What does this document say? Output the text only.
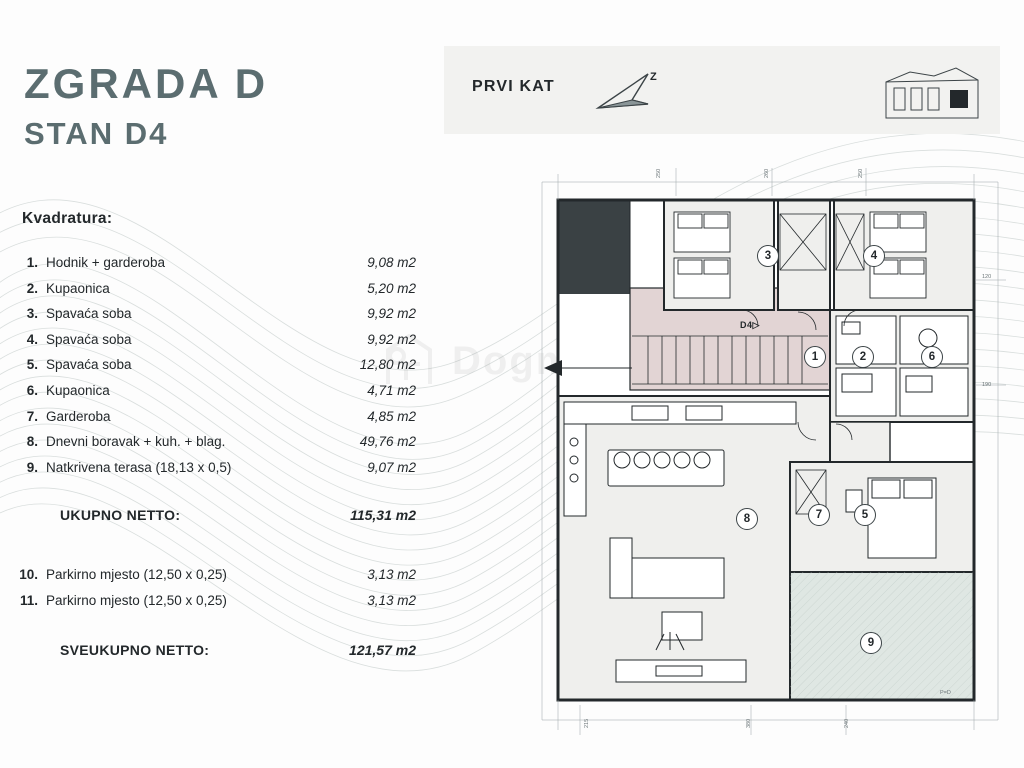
Dogma
ZGRADA D
STAN D4
Kvadratura:
1. Hodnik + garderoba	9,08 m2
2. Kupaonica	5,20 m2
3. Spavaća soba	9,92 m2
4. Spavaća soba	9,92 m2
5. Spavaća soba	12,80 m2
6. Kupaonica	4,71 m2
7. Garderoba	4,85 m2
8. Dnevni boravak + kuh. + blag.	49,76 m2
9. Natkrivena terasa (18,13 x 0,5)	9,07 m2
UKUPNO NETTO:	115,31 m2
10. Parkirno mjesto (12,50 x 0,25)	3,13 m2
11. Parkirno mjesto (12,50 x 0,25)	3,13 m2
SVEUKUPNO NETTO:	121,57 m2
PRVI KAT
Z
250	260	250
215	380	240
120
190
P=D
D4▷
1	2
3	4
5
6
7
8
9
